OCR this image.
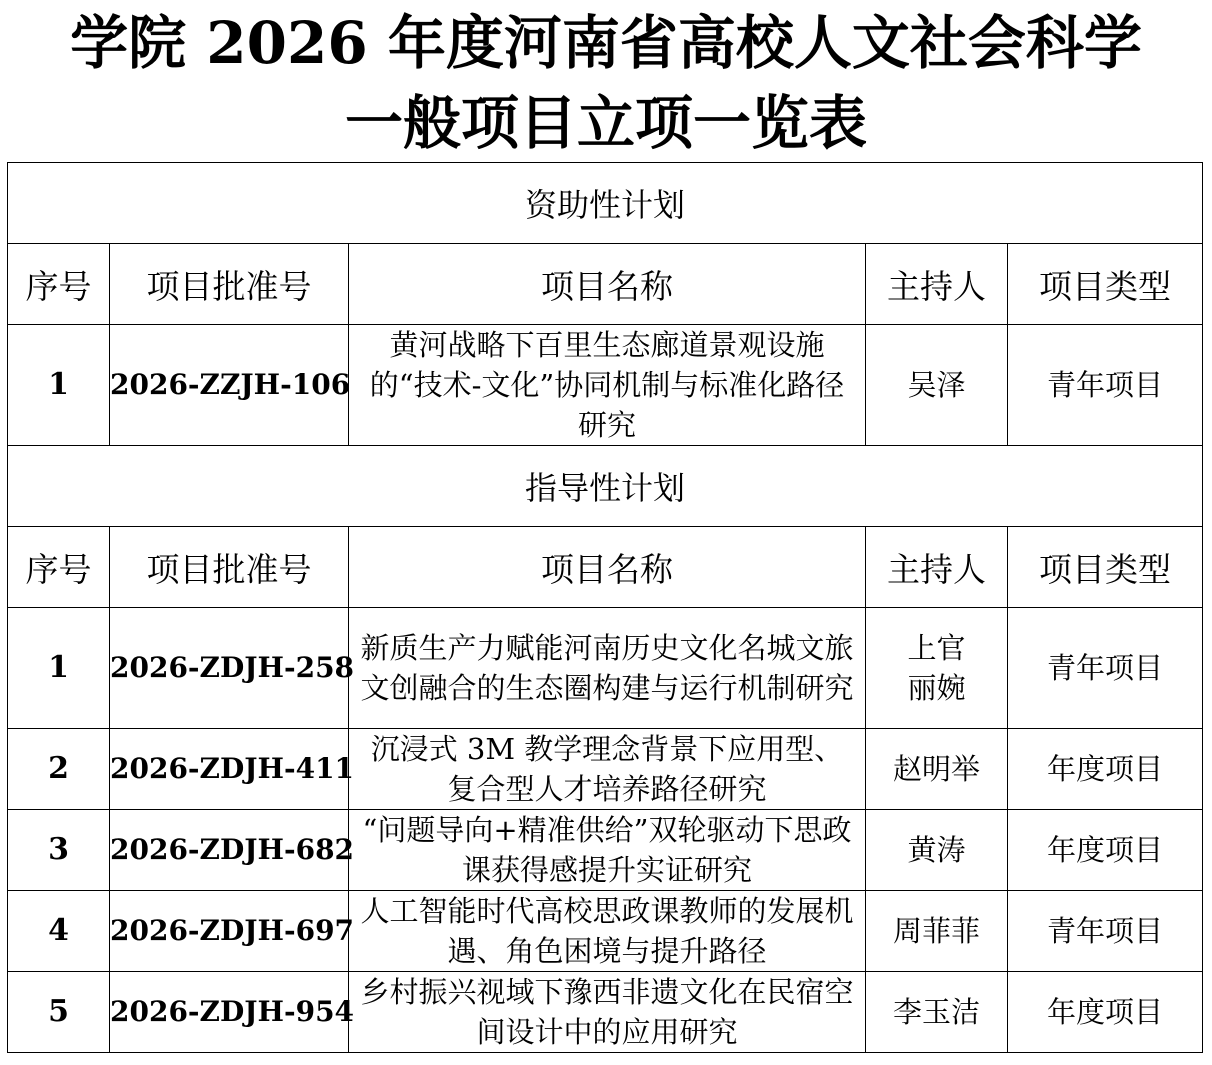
学院 2026 年度河南省高校人文社会科学
一般项目立项一览表
资助性计划				
序号	项目批准号	项目名称	主持人	项目类型
1	2026-ZZJH-106	黄河战略下百里生态廊道景观设施的“技术-文化”协同机制与标准化路径研究	吴泽	青年项目
指导性计划				
序号	项目批准号	项目名称	主持人	项目类型
1	2026-ZDJH-258	新质生产力赋能河南历史文化名城文旅文创融合的生态圈构建与运行机制研究	上官丽婉	青年项目
2	2026-ZDJH-411	沉浸式 3M 教学理念背景下应用型、复合型人才培养路径研究	赵明举	年度项目
3	2026-ZDJH-682	“问题导向+精准供给”双轮驱动下思政课获得感提升实证研究	黄涛	年度项目
4	2026-ZDJH-697	人工智能时代高校思政课教师的发展机遇、角色困境与提升路径	周菲菲	青年项目
5	2026-ZDJH-954	乡村振兴视域下豫西非遗文化在民宿空间设计中的应用研究	李玉洁	年度项目
